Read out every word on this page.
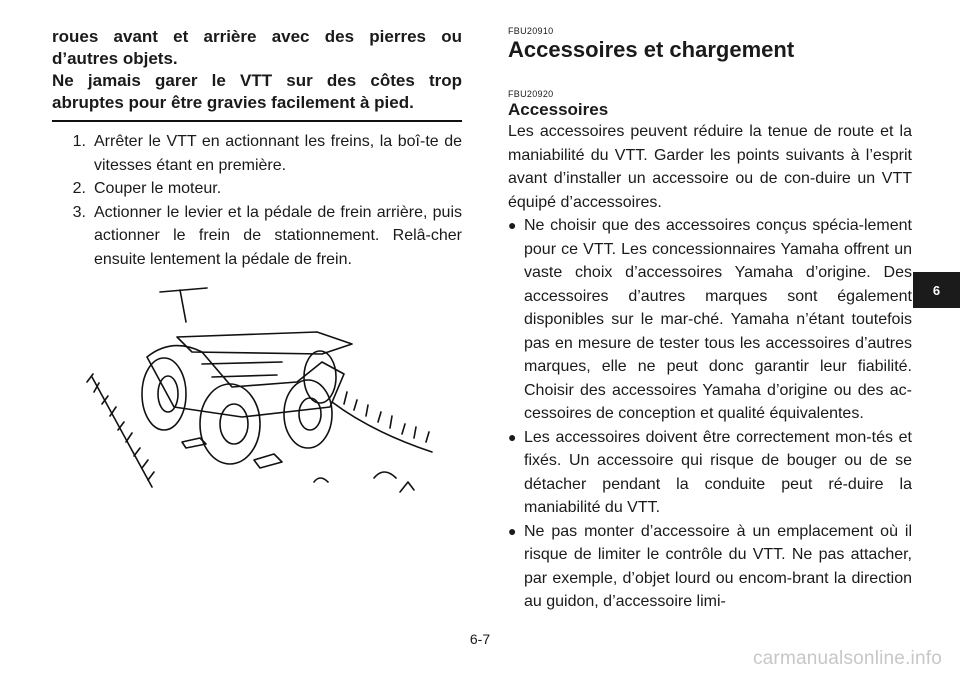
roues avant et arrière avec des pierres ou

d’autres objets.

Ne jamais garer le VTT sur des côtes trop

abruptes pour être gravies facilement à pied.

1. Arrêter le VTT en actionnant les freins, la boî-te de vitesses étant en première.
2. Couper le moteur.
3. Actionner le levier et la pédale de frein arrière, puis actionner le frein de stationnement. Relâ-cher ensuite lentement la pédale de frein.

FBU20910

Accessoires et chargement

FBU20920

Accessoires

Les accessoires peuvent réduire la tenue de route et la maniabilité du VTT. Garder les points suivants à l’esprit avant d’installer un accessoire ou de con-duire un VTT équipé d’accessoires.

● Ne choisir que des accessoires conçus spécia-lement pour ce VTT. Les concessionnaires Yamaha offrent un vaste choix d’accessoires Yamaha d’origine. Des accessoires d’autres marques sont également disponibles sur le mar-ché. Yamaha n’étant toutefois pas en mesure de tester tous les accessoires d’autres marques, elle ne peut donc garantir leur fiabilité. Choisir des accessoires Yamaha d’origine ou des ac-cessoires de conception et qualité équivalentes.
● Les accessoires doivent être correctement mon-tés et fixés. Un accessoire qui risque de bouger ou de se détacher pendant la conduite peut ré-duire la maniabilité du VTT.
● Ne pas monter d’accessoire à un emplacement où il risque de limiter le contrôle du VTT. Ne pas attacher, par exemple, d’objet lourd ou encom-brant la direction au guidon, d’accessoire limi-
6
6-7
carmanualsonline.info
